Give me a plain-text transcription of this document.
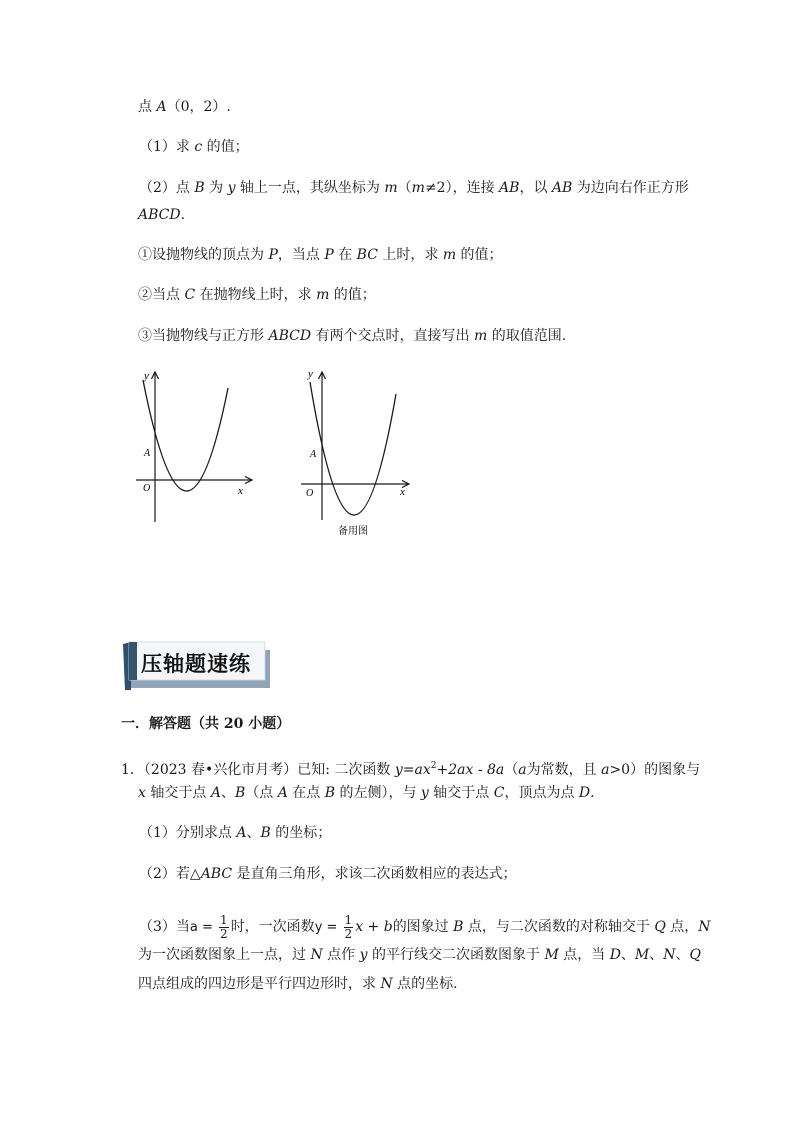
点 A（0，2）.
（1）求 c 的值；
（2）点 B 为 y 轴上一点，其纵坐标为 m（m≠2），连接 AB，以 AB 为边向右作正方形
ABCD.
①设抛物线的顶点为 P，当点 P 在 BC 上时，求 m 的值；
②当点 C 在抛物线上时，求 m 的值；
③当抛物线与正方形 ABCD 有两个交点时，直接写出 m 的取值范围.
y
x
O
A
y
x
O
A
备用图
压轴题速练
一．解答题（共 20 小题）
1．（2023 春•兴化市月考）已知: 二次函数 $y=ax^2+2ax - 8a(a$为常数，且 a>0）的图象与
x 轴交于点 A、B（点 A 在点 B 的左侧），与 y 轴交于点 C，顶点为点 D.
（1）分别求点 A、B 的坐标；
（2）若△ABC 是直角三角形，求该二次函数相应的表达式；
（3）当$a = \frac{1}{2}$ 时，一次函数$y = \frac{1}{2}$ x + b的图象过 B 点，与二次函数的对称轴交于 Q 点，N
为一次函数图象上一点，过 N 点作 y 的平行线交二次函数图象于 M 点，当 D、M、N、Q
四点组成的四边形是平行四边形时，求 N 点的坐标.
